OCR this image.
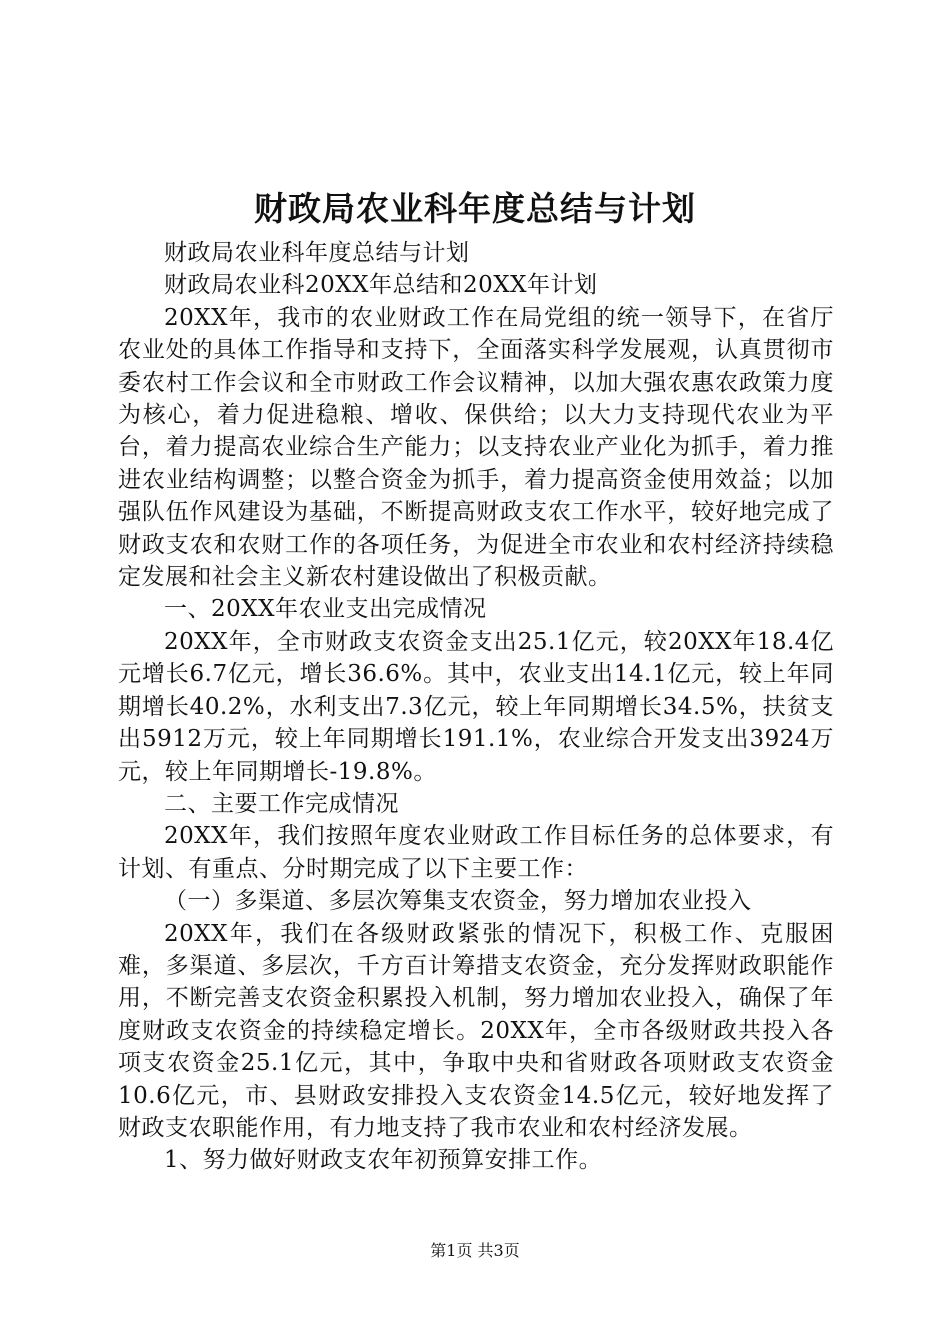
财政局农业科年度总结与计划

财政局农业科年度总结与计划

财政局农业科20XX年总结和20XX年计划

20XX年，我市的农业财政工作在局党组的统一领导下，在省厅农业处的具体工作指导和支持下，全面落实科学发展观，认真贯彻市委农村工作会议和全市财政工作会议精神，以加大强农惠农政策力度为核心，着力促进稳粮、增收、保供给；以大力支持现代农业为平台，着力提高农业综合生产能力；以支持农业产业化为抓手，着力推进农业结构调整；以整合资金为抓手，着力提高资金使用效益；以加强队伍作风建设为基础，不断提高财政支农工作水平，较好地完成了财政支农和农财工作的各项任务，为促进全市农业和农村经济持续稳定发展和社会主义新农村建设做出了积极贡献。

一、20XX年农业支出完成情况

20XX年，全市财政支农资金支出25.1亿元，较20XX年18.4亿元增长6.7亿元，增长36.6%。其中，农业支出14.1亿元，较上年同期增长40.2%，水利支出7.3亿元，较上年同期增长34.5%，扶贫支出5912万元，较上年同期增长191.1%，农业综合开发支出3924万元，较上年同期增长-19.8%。

二、主要工作完成情况

20XX年，我们按照年度农业财政工作目标任务的总体要求，有计划、有重点、分时期完成了以下主要工作：

（一）多渠道、多层次筹集支农资金，努力增加农业投入

20XX年，我们在各级财政紧张的情况下，积极工作、克服困难，多渠道、多层次，千方百计筹措支农资金，充分发挥财政职能作用，不断完善支农资金积累投入机制，努力增加农业投入，确保了年度财政支农资金的持续稳定增长。20XX年，全市各级财政共投入各项支农资金25.1亿元，其中，争取中央和省财政各项财政支农资金10.6亿元，市、县财政安排投入支农资金14.5亿元，较好地发挥了财政支农职能作用，有力地支持了我市农业和农村经济发展。

1、努力做好财政支农年初预算安排工作。

第1页 共3页
